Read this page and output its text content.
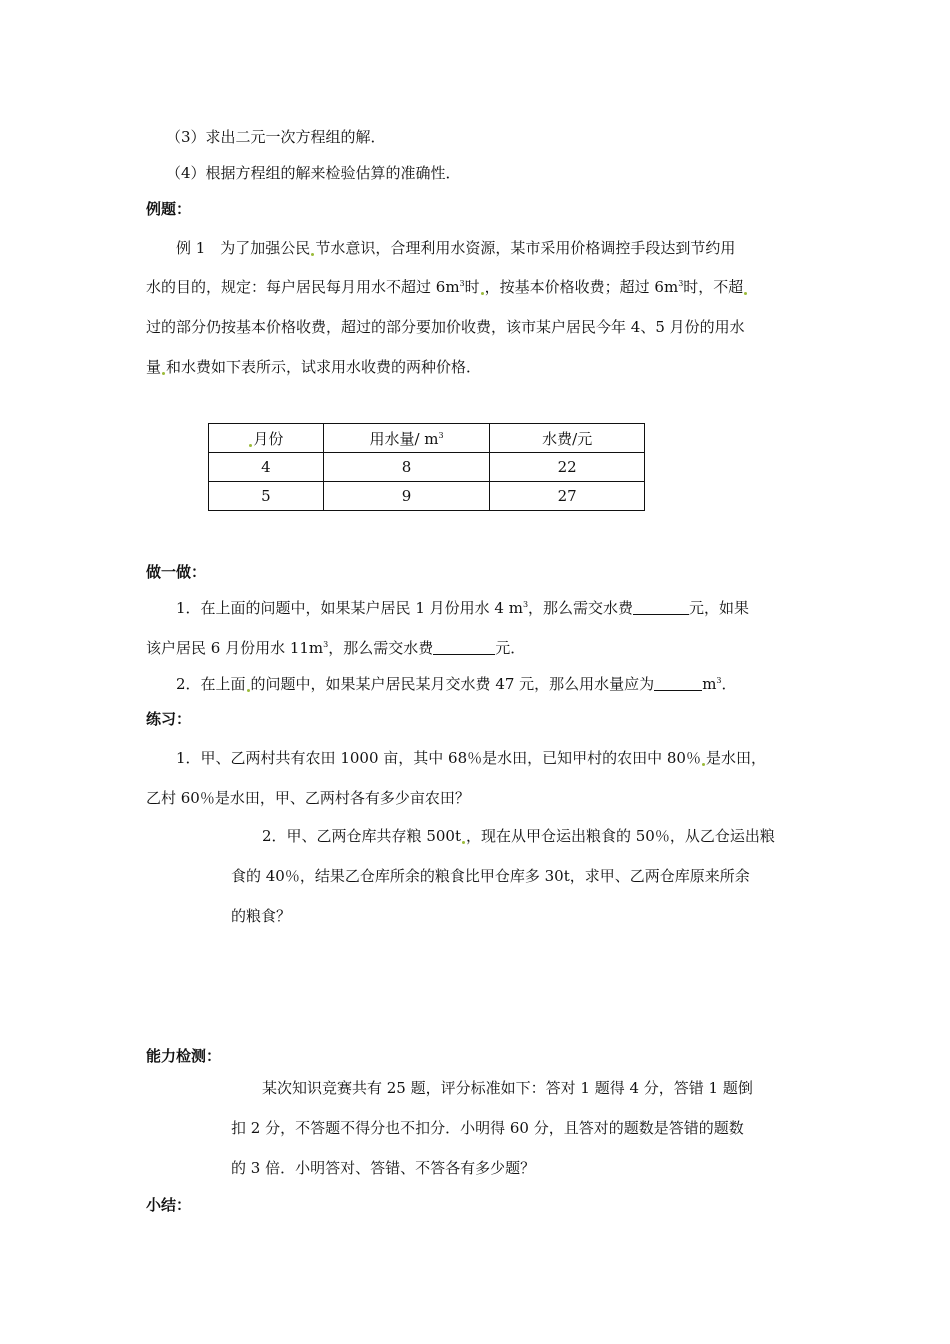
（3）求出二元一次方程组的解．
（4）根据方程组的解来检验估算的准确性．
例题：
例 1　为了加强公民 节水意识，合理利用水资源，某市采用价格调控手段达到节约用
水的目的，规定：每户居民每月用水不超过 $6m^3$时 ，按基本价格收费；超过 $6m^3$时，不超
过的部分仍按基本价格收费，超过的部分要加价收费，该市某户居民今年 4、5 月份的用水
量 和水费如下表所示，试求用水收费的两种价格．
月份	用水量/ $m^3$	水费/元
4	8	22
5	9	27
做一做：
1．在上面的问题中，如果某户居民 1 月份用水 4 $m^3$，那么需交水费	元，如果
该户居民 6 月份用水 $11m^3$，那么需交水费	元．
2．在上面 的问题中，如果某户居民某月交水费 47 元，那么用水量应为	$m^3$．
练习：
1．甲、乙两村共有农田 1000 亩，其中 68％是水田，已知甲村的农田中 80％ 是水田，
乙村 60％是水田，甲、乙两村各有多少亩农田？
2．甲、乙两仓库共存粮 500t ，现在从甲仓运出粮食的 50％，从乙仓运出粮
食的 40％，结果乙仓库所余的粮食比甲仓库多 30t，求甲、乙两仓库原来所余
的粮食？
能力检测：
某次知识竞赛共有 25 题，评分标准如下：答对 1 题得 4 分，答错 1 题倒
扣 2 分，不答题不得分也不扣分．小明得 60 分，且答对的题数是答错的题数
的 3 倍．小明答对、答错、不答各有多少题？
小结：
